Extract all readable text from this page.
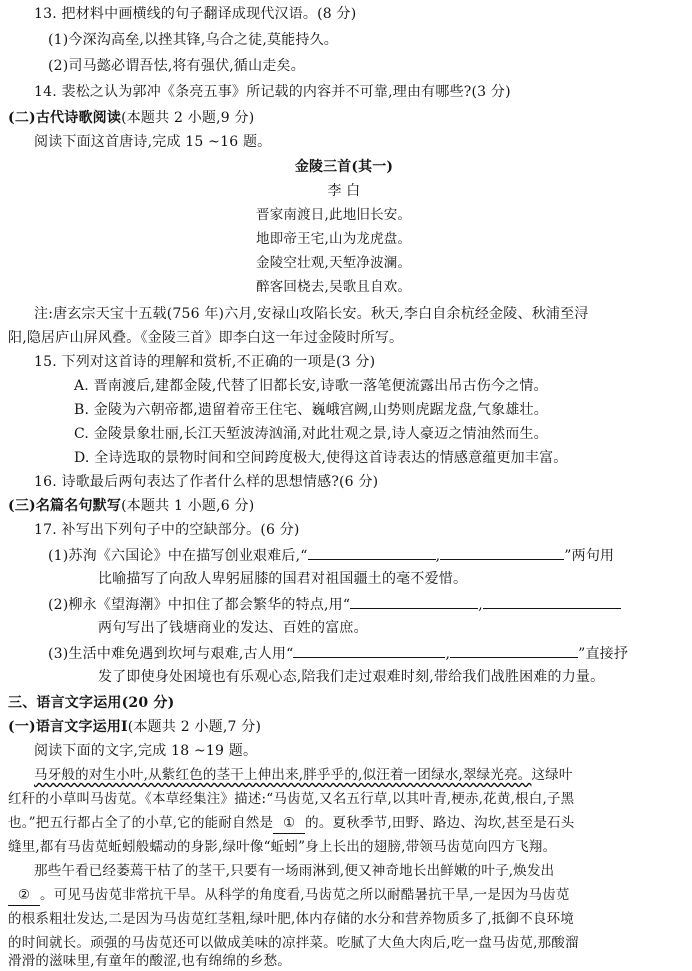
13. 把材料中画横线的句子翻译成现代汉语。(8 分)
(1)今深沟高垒,以挫其锋,乌合之徒,莫能持久。
(2)司马懿必谓吾怯,将有强伏,循山走矣。
14. 裴松之认为郭冲《条亮五事》所记载的内容并不可靠,理由有哪些?(3 分)
(二)古代诗歌阅读(本题共 2 小题,9 分)
阅读下面这首唐诗,完成 15 ~16 题。
金陵三首(其一)
李 白
晋家南渡日,此地旧长安。
地即帝王宅,山为龙虎盘。
金陵空壮观,天堑净波澜。
醉客回桡去,吴歌且自欢。
注:唐玄宗天宝十五载(756 年)六月,安禄山攻陷长安。秋天,李白自余杭经金陵、秋浦至浔
阳,隐居庐山屏风叠。《金陵三首》即李白这一年过金陵时所写。
15. 下列对这首诗的理解和赏析,不正确的一项是(3 分)
A. 晋南渡后,建都金陵,代替了旧都长安,诗歌一落笔便流露出吊古伤今之情。
B. 金陵为六朝帝都,遗留着帝王住宅、巍峨宫阙,山势则虎踞龙盘,气象雄壮。
C. 金陵景象壮丽,长江天堑波涛汹涌,对此壮观之景,诗人豪迈之情油然而生。
D. 全诗选取的景物时间和空间跨度极大,使得这首诗表达的情感意蕴更加丰富。
16. 诗歌最后两句表达了作者什么样的思想情感?(6 分)
(三)名篇名句默写(本题共 1 小题,6 分)
17. 补写出下列句子中的空缺部分。(6 分)
(1)苏洵《六国论》中在描写创业艰难后,“	,	”两句用
比喻描写了向敌人卑躬屈膝的国君对祖国疆土的毫不爱惜。
(2)柳永《望海潮》中扣住了都会繁华的特点,用“	,
两句写出了钱塘商业的发达、百姓的富庶。
(3)生活中难免遇到坎坷与艰难,古人用“	,	”直接抒
发了即使身处困境也有乐观心态,陪我们走过艰难时刻,带给我们战胜困难的力量。
三、语言文字运用(20 分)
(一)语言文字运用Ⅰ(本题共 2 小题,7 分)
阅读下面的文字,完成 18 ~19 题。
马牙般的对生小叶,从紫红色的茎干上伸出来,胖乎乎的,似汪着一团绿水,翠绿光亮。这绿叶
红秆的小草叫马齿苋。《本草经集注》描述:“马齿苋,又名五行草,以其叶青,梗赤,花黄,根白,子黑
也。”把五行都占全了的小草,它的能耐自然是 ① 的。夏秋季节,田野、路边、沟坎,甚至是石头
缝里,都有马齿苋蚯蚓般蠕动的身影,绿叶像“蚯蚓”身上长出的翅膀,带领马齿苋向四方飞翔。
那些午看已经萎蔫干枯了的茎干,只要有一场雨淋到,便又神奇地长出鲜嫩的叶子,焕发出
② 。可见马齿苋非常抗干旱。从科学的角度看,马齿苋之所以耐酷暑抗干旱,一是因为马齿苋
的根系粗壮发达,二是因为马齿苋红茎粗,绿叶肥,体内存储的水分和营养物质多了,抵御不良环境
的时间就长。顽强的马齿苋还可以做成美味的凉拌菜。吃腻了大鱼大肉后,吃一盘马齿苋,那酸溜
滑滑的滋味里,有童年的酸涩,也有绵绵的乡愁。
